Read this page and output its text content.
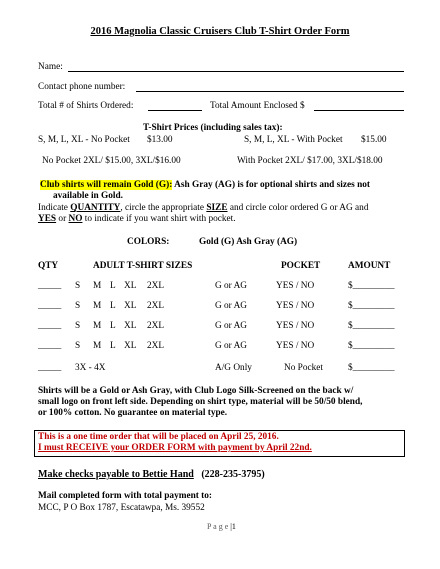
2016 Magnolia Classic Cruisers Club T-Shirt Order Form
Name:
Contact phone number:
Total # of Shirts Ordered:	Total Amount Enclosed $
T-Shirt Prices (including sales tax):
S, M, L, XL - No Pocket $13.00	S, M, L, XL - With Pocket $15.00
No Pocket 2XL/ $15.00, 3XL/$16.00	With Pocket 2XL/ $17.00, 3XL/$18.00
Club shirts will remain Gold (G): Ash Gray (AG) is for optional shirts and sizes not
available in Gold.
Indicate QUANTITY, circle the appropriate SIZE and circle color ordered G or AG and
YES or NO to indicate if you want shirt with pocket.
COLORS:	Gold (G) Ash Gray (AG)
QTY	ADULT T-SHIRT SIZES	POCKET	AMOUNT
_____ S M L XL 2XL	G or AG	YES / NO	$_________
_____ S M L XL 2XL	G or AG	YES / NO	$_________
_____ S M L XL 2XL	G or AG	YES / NO	$_________
_____ S M L XL 2XL	G or AG	YES / NO	$_________
_____ 3X - 4X	A/G Only	No Pocket	$_________
Shirts will be a Gold or Ash Gray, with Club Logo Silk-Screened on the back w/
small logo on front left side. Depending on shirt type, material will be 50/50 blend,
or 100% cotton. No guarantee on material type.
This is a one time order that will be placed on April 25, 2016.
I must RECEIVE your ORDER FORM with payment by April 22nd.
Make checks payable to Bettie Hand (228-235-3795)
Mail completed form with total payment to:
MCC, P O Box 1787, Escatawpa, Ms. 39552
P a g e |1
